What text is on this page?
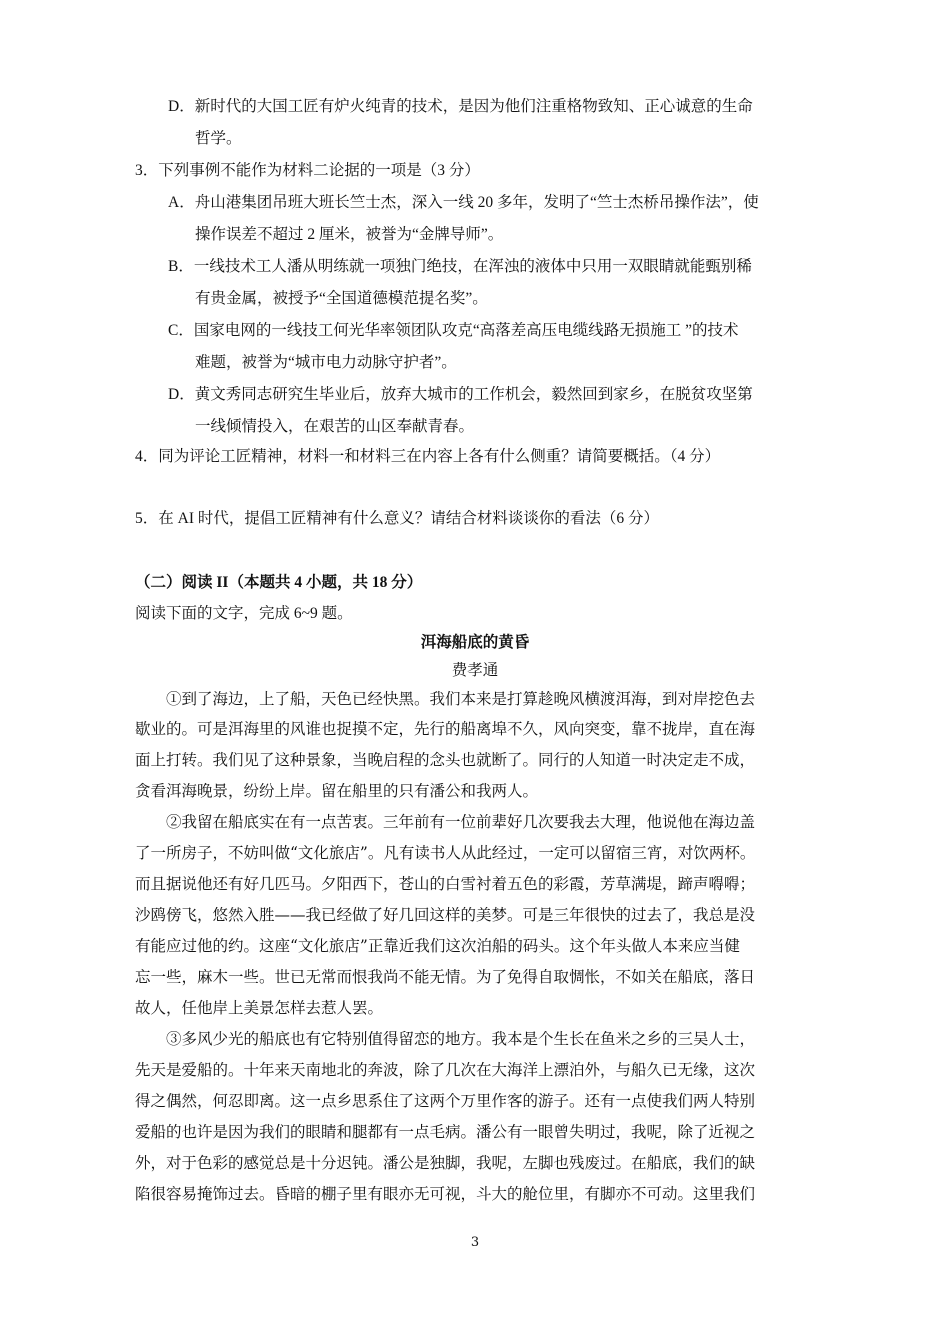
D．新时代的大国工匠有炉火纯青的技术，是因为他们注重格物致知、正心诚意的生命
哲学。
3．下列事例不能作为材料二论据的一项是（3 分）
A．舟山港集团吊班大班长竺士杰，深入一线 20 多年，发明了“竺士杰桥吊操作法”，使
操作误差不超过 2 厘米，被誉为“金牌导师”。
B．一线技术工人潘从明练就一项独门绝技，在浑浊的液体中只用一双眼睛就能甄别稀
有贵金属，被授予“全国道德模范提名奖”。
C．国家电网的一线技工何光华率领团队攻克“高落差高压电缆线路无损施工 ”的技术
难题，被誉为“城市电力动脉守护者”。
D．黄文秀同志研究生毕业后，放弃大城市的工作机会，毅然回到家乡，在脱贫攻坚第
一线倾情投入，在艰苦的山区奉献青春。
4．同为评论工匠精神，材料一和材料三在内容上各有什么侧重？请简要概括。（4 分）
5．在 AI 时代，提倡工匠精神有什么意义？请结合材料谈谈你的看法（6 分）
（二）阅读 II（本题共 4 小题，共 18 分）
阅读下面的文字，完成 6~9 题。
洱海船底的黄昏
费孝通
①到了海边，上了船，天色已经快黑。我们本来是打算趁晚风横渡洱海，到对岸挖色去
歇业的。可是洱海里的风谁也捉摸不定，先行的船离埠不久，风向突变，靠不拢岸，直在海
面上打转。我们见了这种景象，当晚启程的念头也就断了。同行的人知道一时决定走不成，
贪看洱海晚景，纷纷上岸。留在船里的只有潘公和我两人。
②我留在船底实在有一点苦衷。三年前有一位前辈好几次要我去大理，他说他在海边盖
了一所房子，不妨叫做“文化旅店”。凡有读书人从此经过，一定可以留宿三宵，对饮两杯。
而且据说他还有好几匹马。夕阳西下，苍山的白雪衬着五色的彩霞，芳草满堤，蹄声嘚嘚；
沙鸥傍飞，悠然入胜——我已经做了好几回这样的美梦。可是三年很快的过去了，我总是没
有能应过他的约。这座“文化旅店”正靠近我们这次泊船的码头。这个年头做人本来应当健
忘一些，麻木一些。世已无常而恨我尚不能无情。为了免得自取惆怅，不如关在船底，落日
故人，任他岸上美景怎样去惹人罢。
③多风少光的船底也有它特别值得留恋的地方。我本是个生长在鱼米之乡的三吴人士，
先天是爱船的。十年来天南地北的奔波，除了几次在大海洋上漂泊外，与船久已无缘，这次
得之偶然，何忍即离。这一点乡思系住了这两个万里作客的游子。还有一点使我们两人特别
爱船的也许是因为我们的眼睛和腿都有一点毛病。潘公有一眼曾失明过，我呢，除了近视之
外，对于色彩的感觉总是十分迟钝。潘公是独脚，我呢，左脚也残废过。在船底，我们的缺
陷很容易掩饰过去。昏暗的棚子里有眼亦无可视，斗大的舱位里，有脚亦不可动。这里我们
3
